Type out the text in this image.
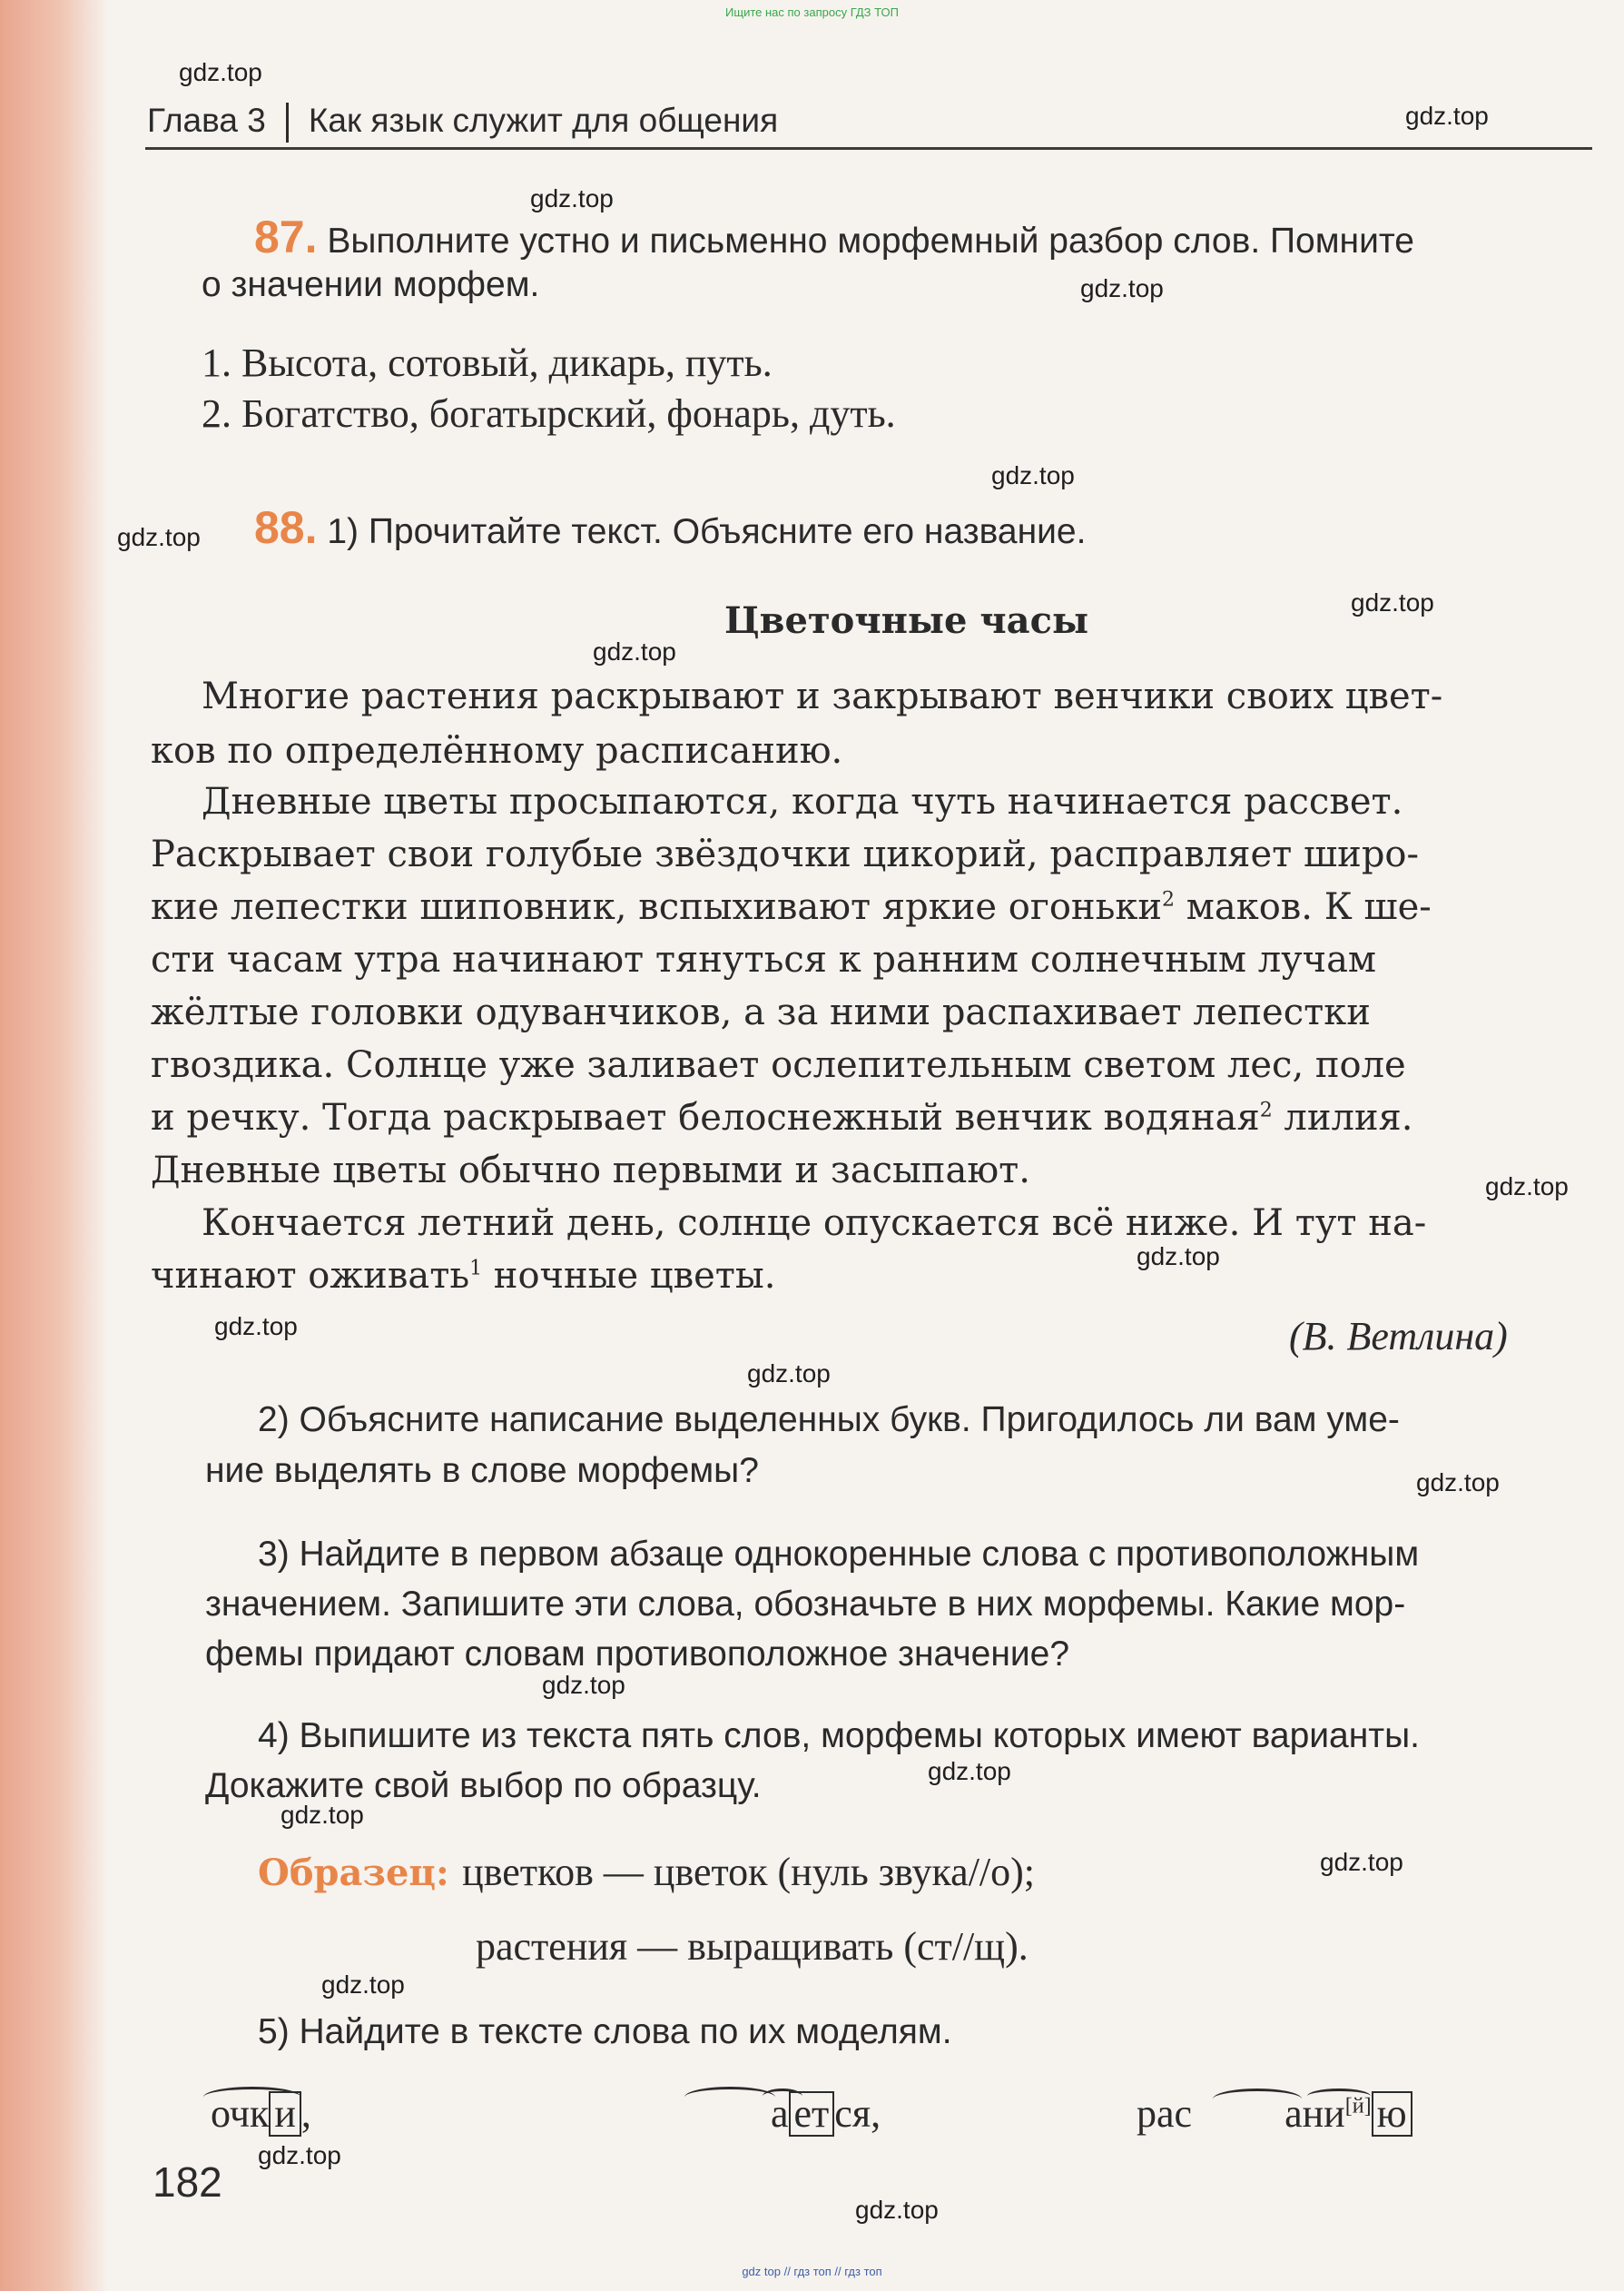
Ищите нас по запросу ГДЗ ТОП
gdz.top
gdz.top
gdz.top
gdz.top
gdz.top
gdz.top
gdz.top
gdz.top
gdz.top
gdz.top
gdz.top
gdz.top
gdz.top
gdz.top
gdz.top
gdz.top
gdz.top
gdz.top
gdz.top
gdz.top
Глава 3 Как язык служит для общения
87. Выполните устно и письменно морфемный разбор слов. Помните
о значении морфем.
1. Высота, сотовый, дикарь, путь.
2. Богатство, богатырский, фонарь, дуть.
88. 1) Прочитайте текст. Объясните его название.
Цветочные часы
Многие растения раскрывают и закрывают венчики своих цвет-
ков по определённому расписанию.
Дневные цветы просыпаются, когда чуть начинается рассвет.
Раскрывает свои голубые звёздочки цикорий, расправляет широ-
кие лепестки шиповник, вспыхивают яркие огоньки$^2$ маков. К ше-
сти часам утра начинают тянуться к ранним солнечным лучам
жёлтые головки одуванчиков, а за ними распахивает лепестки
гвоздика. Солнце уже заливает ослепительным светом лес, поле
и речку. Тогда раскрывает белоснежный венчик водяная$^2$ лилия.
Дневные цветы обычно первыми и засыпают.
Кончается летний день, солнце опускается всё ниже. И тут на-
чинают оживать$^1$ ночные цветы.
(В. Ветлина)
2) Объясните написание выделенных букв. Пригодилось ли вам уме-
ние выделять в слове морфемы?
3) Найдите в первом абзаце однокоренные слова с противоположным
значением. Запишите эти слова, обозначьте в них морфемы. Какие мор-
фемы придают словам противоположное значение?
4) Выпишите из текста пять слов, морфемы которых имеют варианты.
Докажите свой выбор по образцу.
Образец: цветков — цветок (нуль звука//о);
растения — выращивать (ст//щ).
5) Найдите в тексте слова по их моделям.
очк и ,	а ет ся,	рас ани[й] ю
182
gdz top // гдз топ // гдз топ
